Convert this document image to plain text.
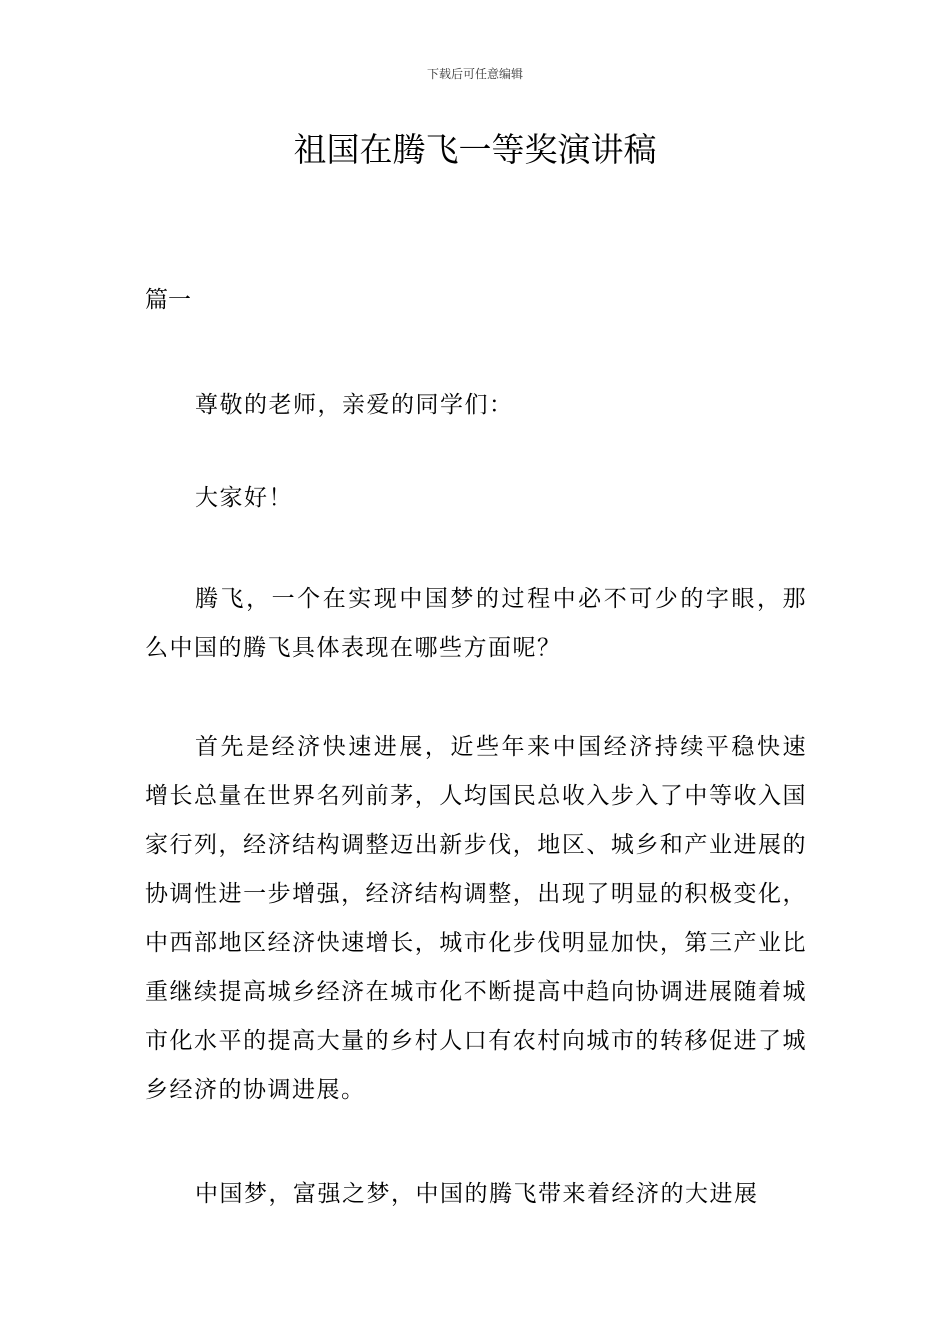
下载后可任意编辑
祖国在腾飞一等奖演讲稿
篇一

尊敬的老师，亲爱的同学们：

大家好！

腾飞，一个在实现中国梦的过程中必不可少的字眼，那么中国的腾飞具体表现在哪些方面呢？

首先是经济快速进展，近些年来中国经济持续平稳快速增长总量在世界名列前茅，人均国民总收入步入了中等收入国家行列，经济结构调整迈出新步伐，地区、城乡和产业进展的协调性进一步增强，经济结构调整，出现了明显的积极变化，中西部地区经济快速增长，城市化步伐明显加快，第三产业比重继续提高城乡经济在城市化不断提高中趋向协调进展随着城市化水平的提高大量的乡村人口有农村向城市的转移促进了城乡经济的协调进展。

中国梦，富强之梦，中国的腾飞带来着经济的大进展
